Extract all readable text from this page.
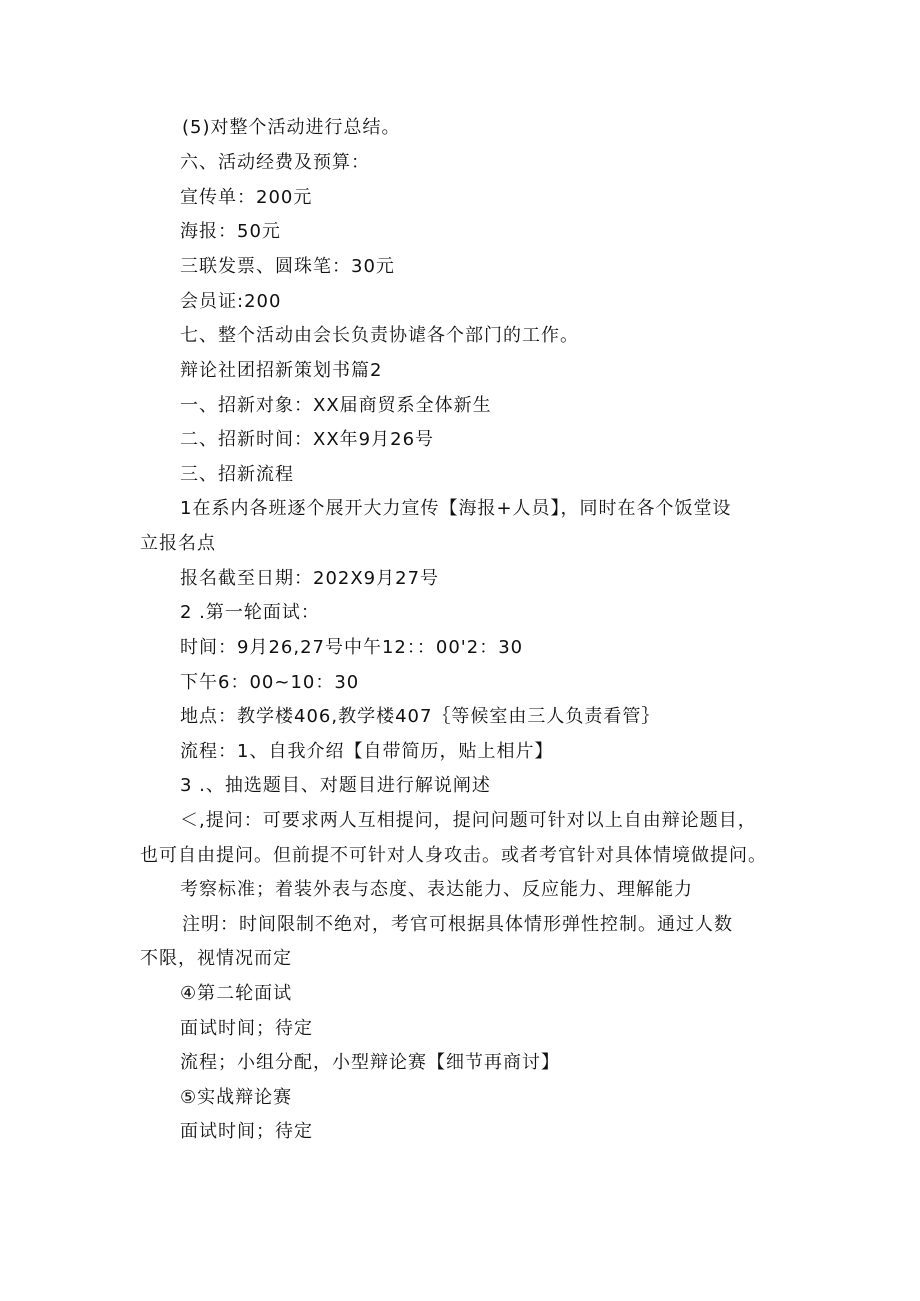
(5)对整个活动进行总结。
六、活动经费及预算：
宣传单：200元
海报：50元
三联发票、圆珠笔：30元
会员证:200
七、整个活动由会长负责协谑各个部门的工作。
辩论社团招新策划书篇2
一、招新对象：XX届商贸系全体新生
二、招新时间：XX年9月26号
三、招新流程
1在系内各班逐个展开大力宣传【海报+人员】，同时在各个饭堂设
立报名点
报名截至日期：202X9月27号
2 .第一轮面试：
时间：9月26,27号中午12：：00'2：30
下午6：00~10：30
地点：教学楼406,教学楼407｛等候室由三人负责看管｝
流程：1、自我介绍【自带简历，贴上相片】
3 .、抽选题目、对题目进行解说阐述
＜,提问：可要求两人互相提问，提问问题可针对以上自由辩论题目，
也可自由提问。但前提不可针对人身攻击。或者考官针对具体情境做提问。
考察标准；着装外表与态度、表达能力、反应能力、理解能力
注明：时间限制不绝对，考官可根据具体情形弹性控制。通过人数
不限，视情况而定
④第二轮面试
面试时间；待定
流程；小组分配，小型辩论赛【细节再商讨】
⑤实战辩论赛
面试时间；待定
